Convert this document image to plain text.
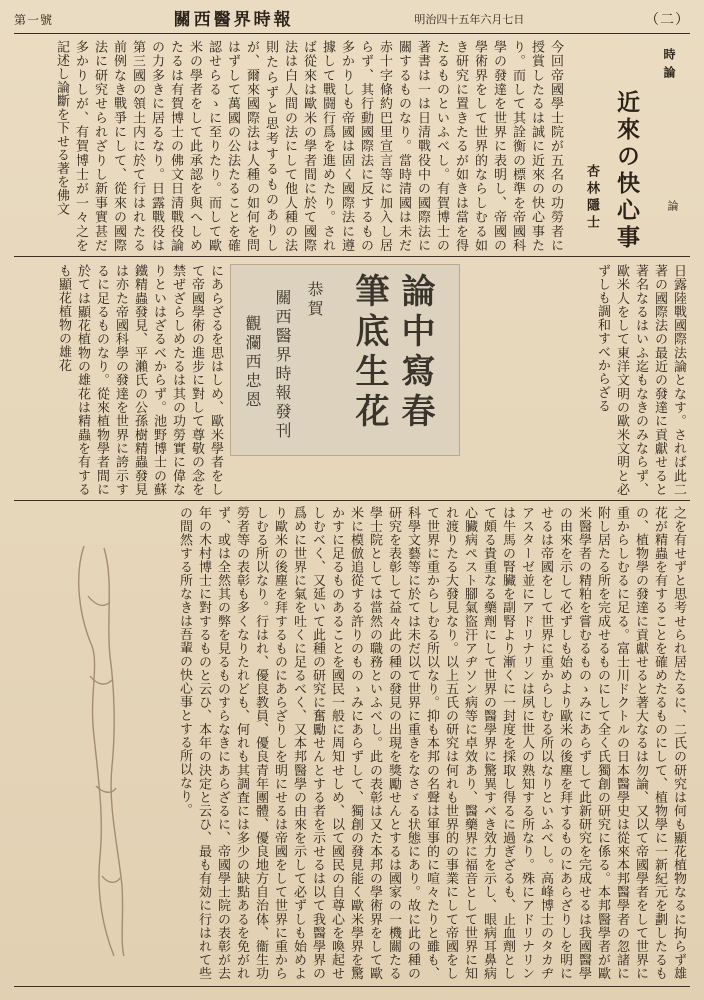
第一號	關西醫界時報	明治四十五年六月七日	（二）
今回帝國學士院が五名の功勞者に授賞したるは誠に近來の快心事たり。而して其詮衡の標準を帝國科學の發達を世界に表明し、帝國の學術界をして世界的ならしむる如き研究に置きたるが如きは當を得たるものといふべし。有賀博士の著書は一は日清戰役中の國際法に關するものなり。當時清國は未だ赤十字條約巴里宣言等に加入し居らず、其行動國際法に反するもの多かりしも帝國は固く國際法に遵據して戰闘行爲を進めたり。されば從來は歐米の學者間に於て國際法は白人間の法にして他人種の法則たらずと思考するものありしが、爾來國際法は人種の如何を問はずして萬國の公法たることを確認せらるゝに至りたり。而して歐米の學者をして此承認を與へしめたるは有賀博士の佛文日清戰役論の力多きに居るなり。日露戰役は第三國の領土内に於て行はれたる前例なき戰爭にして、從來の國際法に研究せられざりし新事實甚だ多かりしが、有賀博士が一々之を記述し論斷を下せる著を佛文	時論
近來の快心事
杏林隱士	論
にあらざるを思はしめ、歐米學者をして帝國學術の進步に對して尊敬の念を禁ぜざらしめたるは其の功勞實に偉なりといはざるべからず。池野博士の蘇鐵精蟲發見、平瀨氏の公孫樹精蟲發見は亦た帝國科學の發達を世界に誇示するに足るものなり。從來植物學者間に於ては顯花植物の雄花は精蟲を有するも顯花植物の雄花	論中寫春
筆底生花
恭賀
關西醫界時報發刊
觀瀾西忠恩	日露陸戰國際法論となす。されば此二著の國際法の最近の發達に貢獻せると著名なるはいふ迄もなきのみならず、歐米人をして東洋文明の歐米文明と必ずしも調和すべからざる
之を有せずと思考せられ居たるに、二氏の研究は何も顯花植物なるに拘らず雄花が精蟲を有することを確めたるものにして、植物學に一新紀元を劃したるもの、植物學の發達に貢獻せると著大なるは勿論、又以て帝國學者をして世界に重からしむるに足る。富士川ドクトルの日本醫學史は從來本邦醫學者の忽諸に附し居たる所を完成せるものにして全く氏獨創の研究に係る。本邦醫學者が歐米醫學者の精粕を嘗むるものゝみにあらずして此新研究を完成せるは我國醫學の由來を示して必ずしも始めより歐米の後塵を拜するものにあらざりしを明にせるは帝國をして世界に重からしむる所以なりといふべし。高峰博士のタカヂアスターゼ並にアドリナリンは夙に世人の熟知する所なり。殊にアドリナリンは牛馬の腎臟を副腎より漸くに一封度を採取し得るに過ぎざるも、止血劑として頗る貴重なる藥劑にして世界の醫學界に驚異すべき效力を示し、眼病耳鼻病心臟病ペスト腳氣盜汗アヂソン病等に卓效あり、醫藥界に福音として世界に知れ渡りたる大發見なり。以上五氏の研究は何れも世界的の事業にして帝國をして世界に重からしむる所以なり。抑も本邦の名聲は軍事的に喧々たりと雖も、科學文藝等に於ては未だ以て世界に重きをなさゞる状態にあり。故に此の種の研究を表彰して益々此の種の發見の出現を獎勵せんとするは國家の一機關たる學士院としては當然の職務といふべし。此の表彰は又た本邦の學術界をして歐米に模倣追從する許りのものゝみにあらずして、獨創の發見能く歐米學界を驚かすに足るものあることを國民一般に周知せしめ、以て國民の自尊心を喚起せしむべく、又延いて此種の研究に奮勵せんとする者を示せるは以て我醫學界の爲めに世界に氣を吐くに足るべく、又本邦醫學の由來を示して必ずしも始めより歐米の後塵を拜するものにあらざりしを明にせるは帝國をして世界に重からしむる所以なり。行はれ、優良教員、優良青年團體、優良地方自治体、衞生功勞者等の表彰も多くなりたれども、何れも其調査には多少の缺點あるを免がれず、或は全然其の弊を見るものすらなきにあらざるに、帝國學士院の表彰が去年の木村博士に對するものと云ひ、本年の決定と云ひ、最も有効に行はれて些の間然する所なきは吾輩の快心事とする所以なり。
